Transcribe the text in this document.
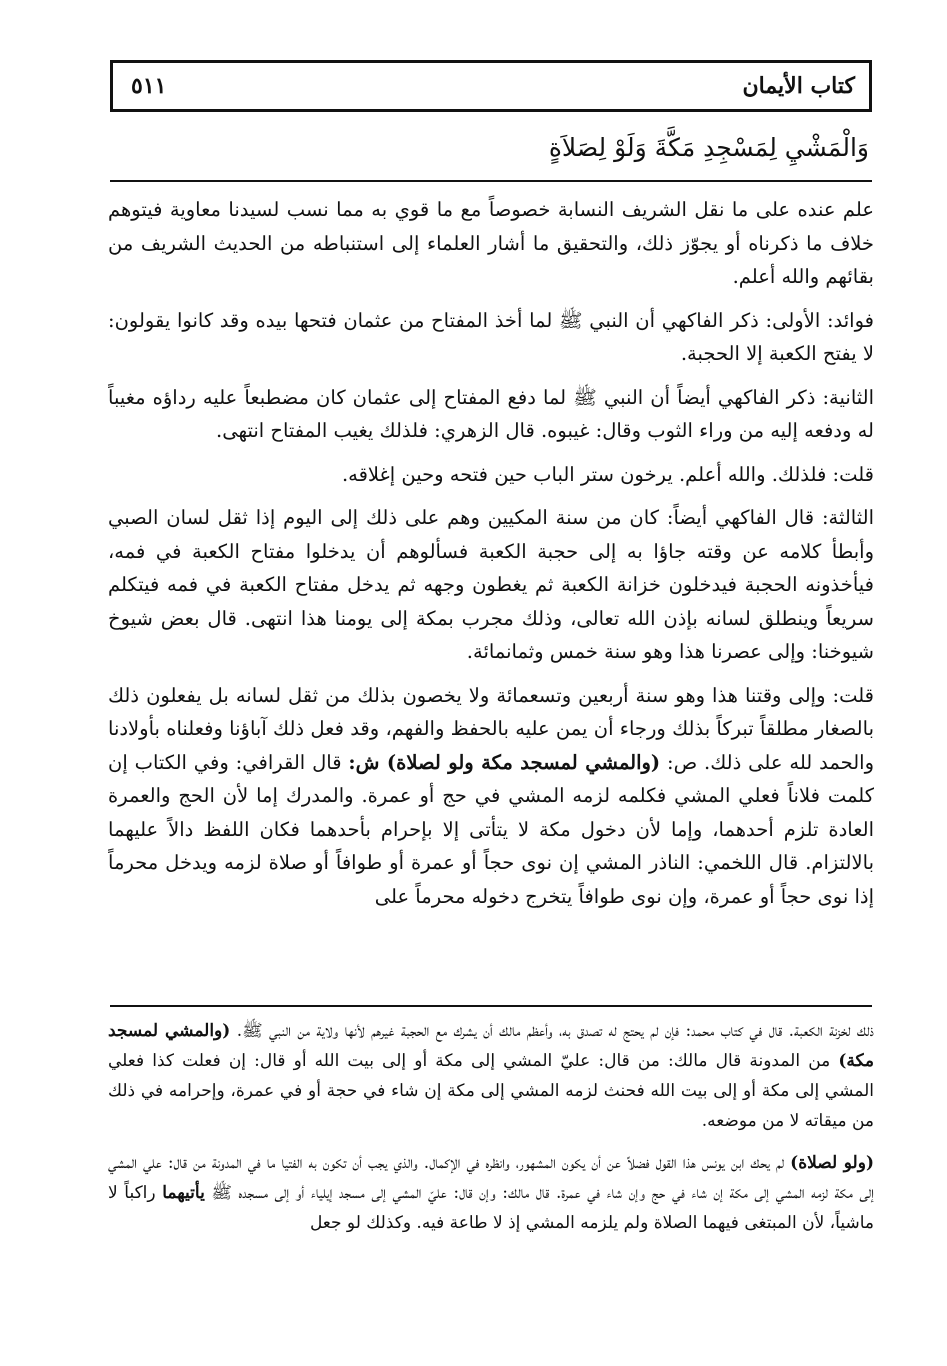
كتاب الأيمان
٥١١
وَالْمَشْيِ لِمَسْجِدِ مَكَّةَ وَلَوْ لِصَلاَةٍ

علم عنده على ما نقل الشريف النسابة خصوصاً مع ما قوي به مما نسب لسيدنا معاوية فيتوهم خلاف ما ذكرناه أو يجوّز ذلك، والتحقيق ما أشار العلماء إلى استنباطه من الحديث الشريف من بقائهم والله أعلم.

فوائد: الأولى: ذكر الفاكهي أن النبي ﷺ لما أخذ المفتاح من عثمان فتحها بيده وقد كانوا يقولون: لا يفتح الكعبة إلا الحجبة.

الثانية: ذكر الفاكهي أيضاً أن النبي ﷺ لما دفع المفتاح إلى عثمان كان مضطبعاً عليه رداؤه مغيباً له ودفعه إليه من وراء الثوب وقال: غيبوه. قال الزهري: فلذلك يغيب المفتاح انتهى.

قلت: فلذلك. والله أعلم. يرخون ستر الباب حين فتحه وحين إغلاقه.

الثالثة: قال الفاكهي أيضاً: كان من سنة المكيين وهم على ذلك إلى اليوم إذا ثقل لسان الصبي وأبطأ كلامه عن وقته جاؤا به إلى حجبة الكعبة فسألوهم أن يدخلوا مفتاح الكعبة في فمه، فيأخذونه الحجبة فيدخلون خزانة الكعبة ثم يغطون وجهه ثم يدخل مفتاح الكعبة في فمه فيتكلم سريعاً وينطلق لسانه بإذن الله تعالى، وذلك مجرب بمكة إلى يومنا هذا انتهى. قال بعض شيوخ شيوخنا: وإلى عصرنا هذا وهو سنة خمس وثمانمائة.

قلت: وإلى وقتنا هذا وهو سنة أربعين وتسعمائة ولا يخصون بذلك من ثقل لسانه بل يفعلون ذلك بالصغار مطلقاً تبركاً بذلك ورجاء أن يمن عليه بالحفظ والفهم، وقد فعل ذلك آباؤنا وفعلناه بأولادنا والحمد لله على ذلك. ص: (والمشي لمسجد مكة ولو لصلاة) ش: قال القرافي: وفي الكتاب إن كلمت فلاناً فعلي المشي فكلمه لزمه المشي في حج أو عمرة. والمدرك إما لأن الحج والعمرة العادة تلزم أحدهما، وإما لأن دخول مكة لا يتأتى إلا بإحرام بأحدهما فكان اللفظ دالاً عليهما بالالتزام. قال اللخمي: الناذر المشي إن نوى حجاً أو عمرة أو طوافاً أو صلاة لزمه ويدخل محرماً إذا نوى حجاً أو عمرة، وإن نوى طوافاً يتخرج دخوله محرماً على

ذلك لخزنة الكعبة. قال في كتاب محمد: فإن لم يحتج له تصدق به، وأعظم مالك أن يشرك مع الحجبة غيرهم لأنها ولاية من النبي ﷺ. (والمشي لمسجد مكة) من المدونة قال مالك: من قال: عليّ المشي إلى مكة أو إلى بيت الله أو قال: إن فعلت كذا فعلي المشي إلى مكة أو إلى بيت الله فحنث لزمه المشي إلى مكة إن شاء في حجة أو في عمرة، وإحرامه في ذلك من ميقاته لا من موضعه.

(ولو لصلاة) لم يحك ابن يونس هذا القول فضلاً عن أن يكون المشهور، وانظره في الإكمال. والذي يجب أن تكون به الفتيا ما في المدونة من قال: علي المشي إلى مكة لزمه المشي إلى مكة إن شاء في حج وإن شاء في عمرة. قال مالك: وإن قال: عليّ المشي إلى مسجد إيلياء أو إلى مسجده ﷺ يأتيهما راكباً لا ماشياً، لأن المبتغى فيهما الصلاة ولم يلزمه المشي إذ لا طاعة فيه. وكذلك لو جعل
